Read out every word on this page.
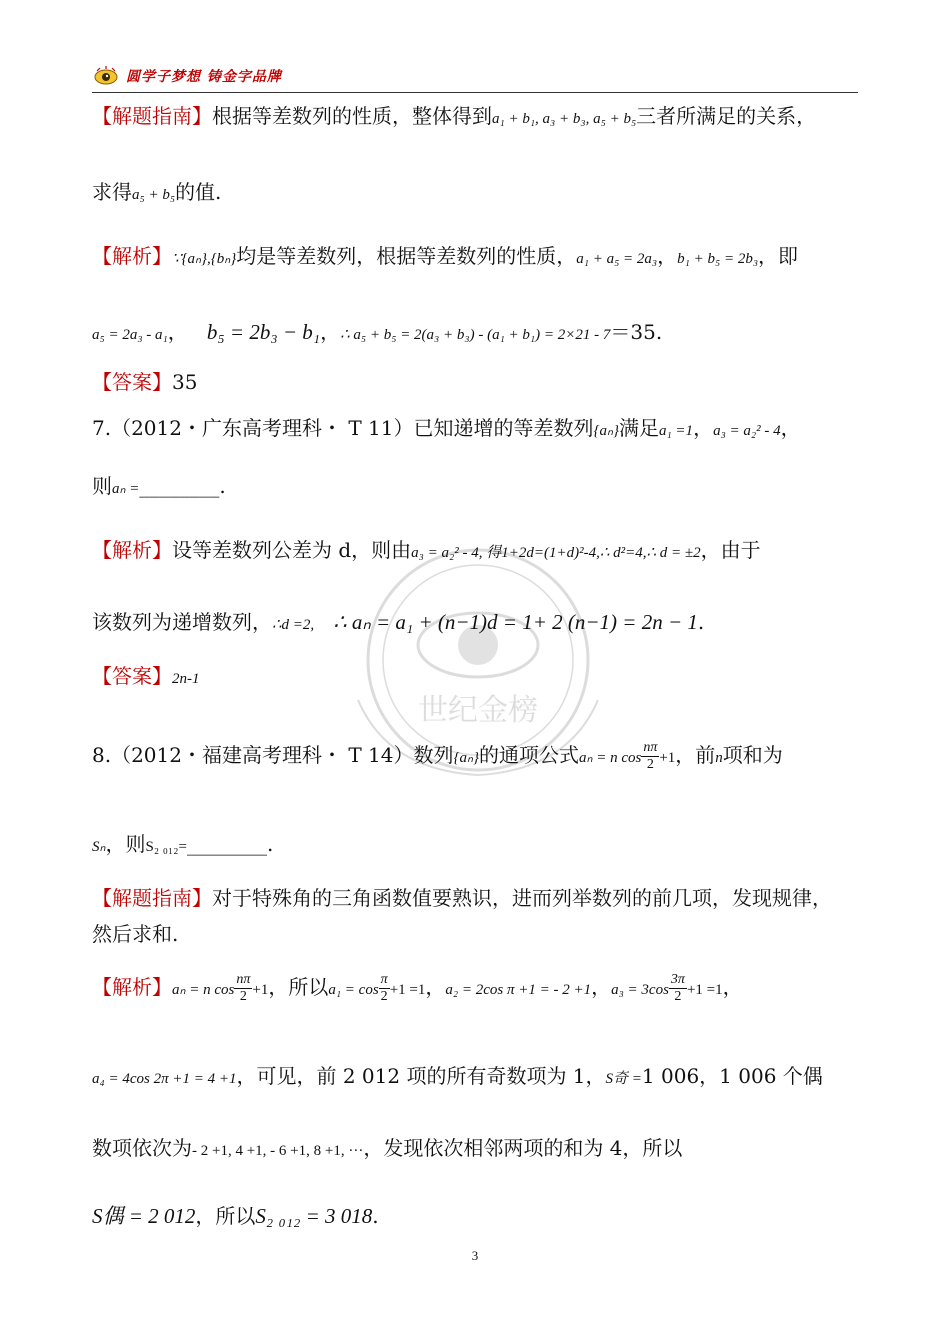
圆学子梦想 铸金字品牌
世纪金榜
【解题指南】根据等差数列的性质，整体得到a₁ + b₁, a₃ + b₃, a₅ + b₅三者所满足的关系，
求得a₅ + b₅的值.
【解析】∵{aₙ},{bₙ}均是等差数列，根据等差数列的性质，a₁ + a₅ = 2a₃，b₁ + b₅ = 2b₃，即
a₅ = 2a₃ - a₁， b₅ = 2b₃ − b₁，∴ a₅ + b₅ = 2(a₃ + b₃) - (a₁ + b₁) = 2×21 - 7＝35.
【答案】35
7.（2012・广东高考理科・ T 11）已知递增的等差数列{aₙ}满足a₁ =1，a₃ = a₂² - 4，
则aₙ =________.
【解析】设等差数列公差为 d，则由a₃ = a₂² - 4, 得1+2d=(1+d)²-4,∴ d²=4,∴ d = ±2，由于
该数列为递增数列，∴d =2, ∴ aₙ = a₁ + (n−1)d = 1+ 2 (n−1) = 2n − 1.
【答案】2n-1
8.（2012・福建高考理科・ T 14）数列{aₙ}的通项公式aₙ = n $\cos \frac{n\pi}{2} +1$，前n项和为
Sₙ，则S₂ ₀₁₂=________.
【解题指南】对于特殊角的三角函数值要熟识，进而列举数列的前几项，发现规律，
然后求和.
【解析】aₙ = n $\cos \frac{n\pi}{2} +1$，所以$a_1 = \cos \frac{\pi}{2} +1 =1$，a₂ = 2cos π +1 = - 2 +1，$a_3 = 3\cos \frac{3\pi}{2} +1 =1$，
a₄ = 4cos 2π +1 = 4 +1，可见，前 2 012 项的所有奇数项为 1，S奇 =1 006，1 006 个偶
数项依次为- 2 +1, 4 +1, - 6 +1, 8 +1, ···，发现依次相邻两项的和为 4，所以
S偶 = 2 012，所以S₂ ₀₁₂ = 3 018.
3
